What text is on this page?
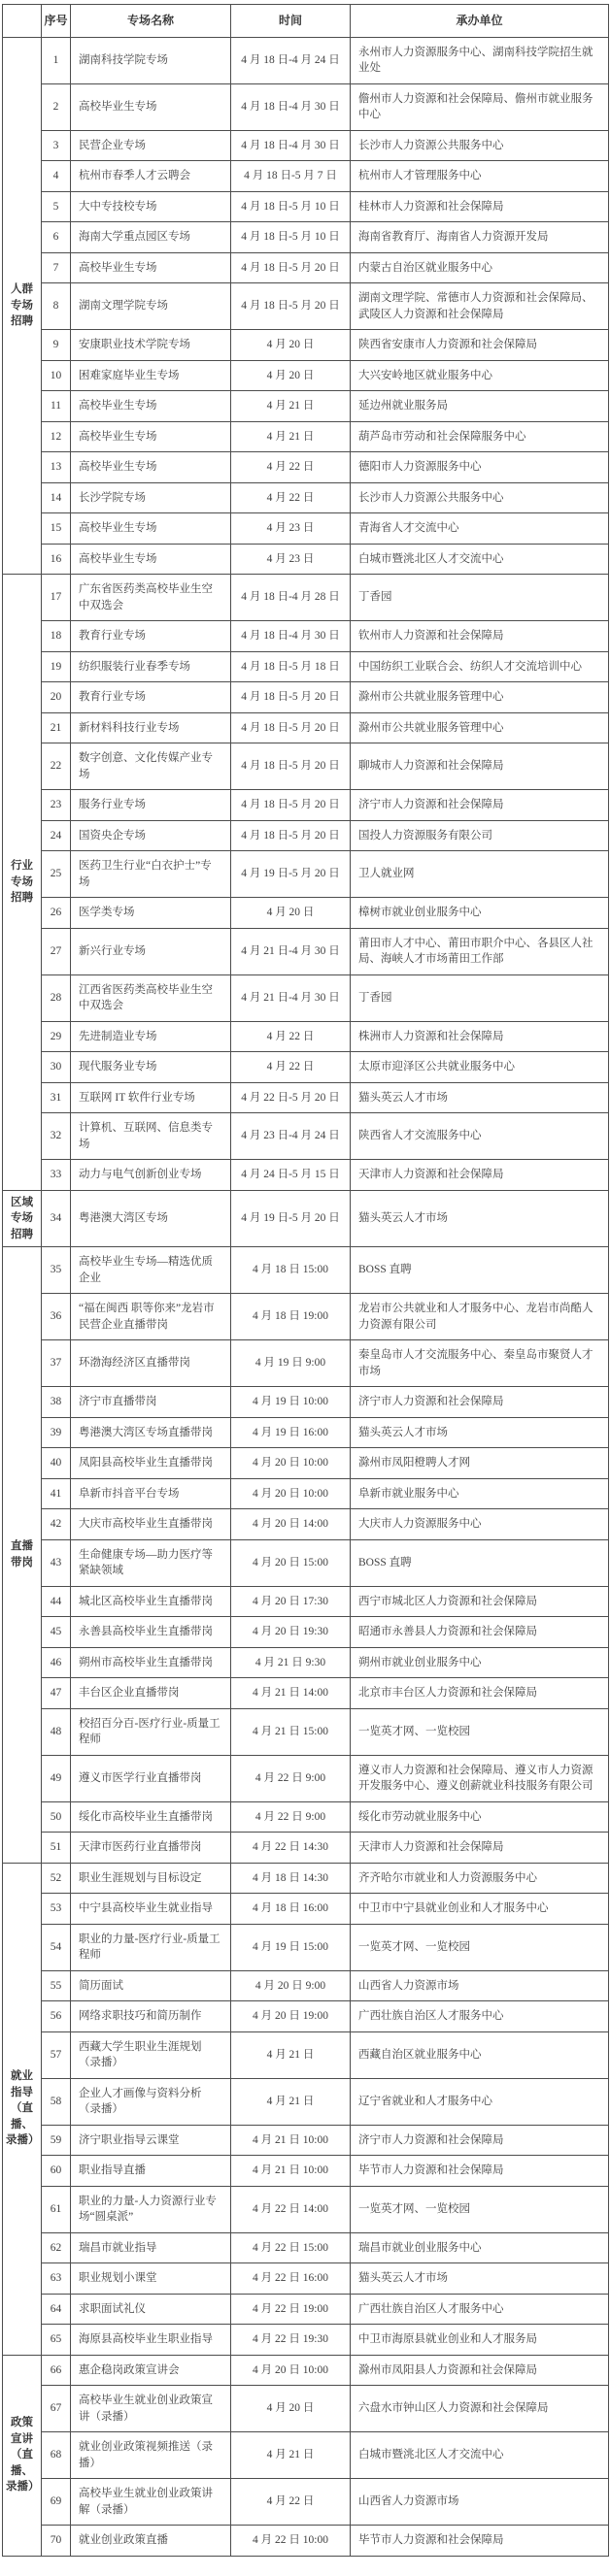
	序号	专场名称	时间	承办单位
人群专场招聘	1	湖南科技学院专场	4 月 18 日-4 月 24 日	永州市人力资源服务中心、湖南科技学院招生就业处
	2	高校毕业生专场	4 月 18 日-4 月 30 日	儋州市人力资源和社会保障局、儋州市就业服务中心
	3	民营企业专场	4 月 18 日-4 月 30 日	长沙市人力资源公共服务中心
	4	杭州市春季人才云聘会	4 月 18 日-5 月 7 日	杭州市人才管理服务中心
	5	大中专技校专场	4 月 18 日-5 月 10 日	桂林市人力资源和社会保障局
	6	海南大学重点园区专场	4 月 18 日-5 月 10 日	海南省教育厅、海南省人力资源开发局
	7	高校毕业生专场	4 月 18 日-5 月 20 日	内蒙古自治区就业服务中心
	8	湖南文理学院专场	4 月 18 日-5 月 20 日	湖南文理学院、常德市人力资源和社会保障局、武陵区人力资源和社会保障局
	9	安康职业技术学院专场	4 月 20 日	陕西省安康市人力资源和社会保障局
	10	困难家庭毕业生专场	4 月 20 日	大兴安岭地区就业服务中心
	11	高校毕业生专场	4 月 21 日	延边州就业服务局
	12	高校毕业生专场	4 月 21 日	葫芦岛市劳动和社会保障服务中心
	13	高校毕业生专场	4 月 22 日	德阳市人力资源服务中心
	14	长沙学院专场	4 月 22 日	长沙市人力资源公共服务中心
	15	高校毕业生专场	4 月 23 日	青海省人才交流中心
	16	高校毕业生专场	4 月 23 日	白城市暨洮北区人才交流中心
行业专场招聘	17	广东省医药类高校毕业生空中双选会	4 月 18 日-4 月 28 日	丁香园
	18	教育行业专场	4 月 18 日-4 月 30 日	钦州市人力资源和社会保障局
	19	纺织服装行业春季专场	4 月 18 日-5 月 18 日	中国纺织工业联合会、纺织人才交流培训中心
	20	教育行业专场	4 月 18 日-5 月 20 日	滁州市公共就业服务管理中心
	21	新材料科技行业专场	4 月 18 日-5 月 20 日	滁州市公共就业服务管理中心
	22	数字创意、文化传媒产业专场	4 月 18 日-5 月 20 日	聊城市人力资源和社会保障局
	23	服务行业专场	4 月 18 日-5 月 20 日	济宁市人力资源和社会保障局
	24	国资央企专场	4 月 18 日-5 月 20 日	国投人力资源服务有限公司
	25	医药卫生行业“白衣护士”专场	4 月 19 日-5 月 20 日	卫人就业网
	26	医学类专场	4 月 20 日	樟树市就业创业服务中心
	27	新兴行业专场	4 月 21 日-4 月 30 日	莆田市人才中心、莆田市职介中心、各县区人社局、海峡人才市场莆田工作部
	28	江西省医药类高校毕业生空中双选会	4 月 21 日-4 月 30 日	丁香园
	29	先进制造业专场	4 月 22 日	株洲市人力资源和社会保障局
	30	现代服务业专场	4 月 22 日	太原市迎泽区公共就业服务中心
	31	互联网 IT 软件行业专场	4 月 22 日-5 月 20 日	猫头英云人才市场
	32	计算机、互联网、信息类专场	4 月 23 日-4 月 24 日	陕西省人才交流服务中心
	33	动力与电气创新创业专场	4 月 24 日-5 月 15 日	天津市人力资源和社会保障局
区域专场招聘	34	粤港澳大湾区专场	4 月 19 日-5 月 20 日	猫头英云人才市场
直播带岗	35	高校毕业生专场—精选优质企业	4 月 18 日 15:00	BOSS 直聘
	36	“福在闽西 职等你来”龙岩市民营企业直播带岗	4 月 18 日 19:00	龙岩市公共就业和人才服务中心、龙岩市尚酷人力资源有限公司
	37	环渤海经济区直播带岗	4 月 19 日 9:00	秦皇岛市人才交流服务中心、秦皇岛市聚贤人才市场
	38	济宁市直播带岗	4 月 19 日 10:00	济宁市人力资源和社会保障局
	39	粤港澳大湾区专场直播带岗	4 月 19 日 16:00	猫头英云人才市场
	40	凤阳县高校毕业生直播带岗	4 月 20 日 10:00	滁州市凤阳橙聘人才网
	41	阜新市抖音平台专场	4 月 20 日 10:00	阜新市就业服务中心
	42	大庆市高校毕业生直播带岗	4 月 20 日 14:00	大庆市人力资源服务中心
	43	生命健康专场—助力医疗等紧缺领域	4 月 20 日 15:00	BOSS 直聘
	44	城北区高校毕业生直播带岗	4 月 20 日 17:30	西宁市城北区人力资源和社会保障局
	45	永善县高校毕业生直播带岗	4 月 20 日 19:30	昭通市永善县人力资源和社会保障局
	46	朔州市高校毕业生直播带岗	4 月 21 日 9:30	朔州市就业创业服务中心
	47	丰台区企业直播带岗	4 月 21 日 14:00	北京市丰台区人力资源和社会保障局
	48	校招百分百-医疗行业-质量工程师	4 月 21 日 15:00	一览英才网、一览校园
	49	遵义市医学行业直播带岗	4 月 22 日 9:00	遵义市人力资源和社会保障局、遵义市人力资源开发服务中心、遵义创薪就业科技服务有限公司
	50	绥化市高校毕业生直播带岗	4 月 22 日 9:00	绥化市劳动就业服务中心
	51	天津市医药行业直播带岗	4 月 22 日 14:30	天津市人力资源和社会保障局
就业指导（直播、录播）	52	职业生涯规划与目标设定	4 月 18 日 14:30	齐齐哈尔市就业和人力资源服务中心
	53	中宁县高校毕业生就业指导	4 月 18 日 16:00	中卫市中宁县就业创业和人才服务中心
	54	职业的力量-医疗行业-质量工程师	4 月 19 日 15:00	一览英才网、一览校园
	55	简历面试	4 月 20 日 9:00	山西省人力资源市场
	56	网络求职技巧和简历制作	4 月 20 日 19:00	广西壮族自治区人才服务中心
	57	西藏大学生职业生涯规划（录播）	4 月 21 日	西藏自治区就业服务中心
	58	企业人才画像与资料分析（录播）	4 月 21 日	辽宁省就业和人才服务中心
	59	济宁职业指导云课堂	4 月 21 日 10:00	济宁市人力资源和社会保障局
	60	职业指导直播	4 月 21 日 10:00	毕节市人力资源和社会保障局
	61	职业的力量-人力资源行业专场“圆桌派”	4 月 22 日 14:00	一览英才网、一览校园
	62	瑞昌市就业指导	4 月 22 日 15:00	瑞昌市就业创业服务中心
	63	职业规划小课堂	4 月 22 日 16:00	猫头英云人才市场
	64	求职面试礼仪	4 月 22 日 19:00	广西壮族自治区人才服务中心
	65	海原县高校毕业生职业指导	4 月 22 日 19:30	中卫市海原县就业创业和人才服务局
政策宣讲（直播、录播）	66	惠企稳岗政策宣讲会	4 月 20 日 10:00	滁州市凤阳县人力资源和社会保障局
	67	高校毕业生就业创业政策宣讲（录播）	4 月 20 日	六盘水市钟山区人力资源和社会保障局
	68	就业创业政策视频推送（录播）	4 月 21 日	白城市暨洮北区人才交流中心
	69	高校毕业生就业创业政策讲解（录播）	4 月 22 日	山西省人力资源市场
	70	就业创业政策直播	4 月 22 日 10:00	毕节市人力资源和社会保障局
